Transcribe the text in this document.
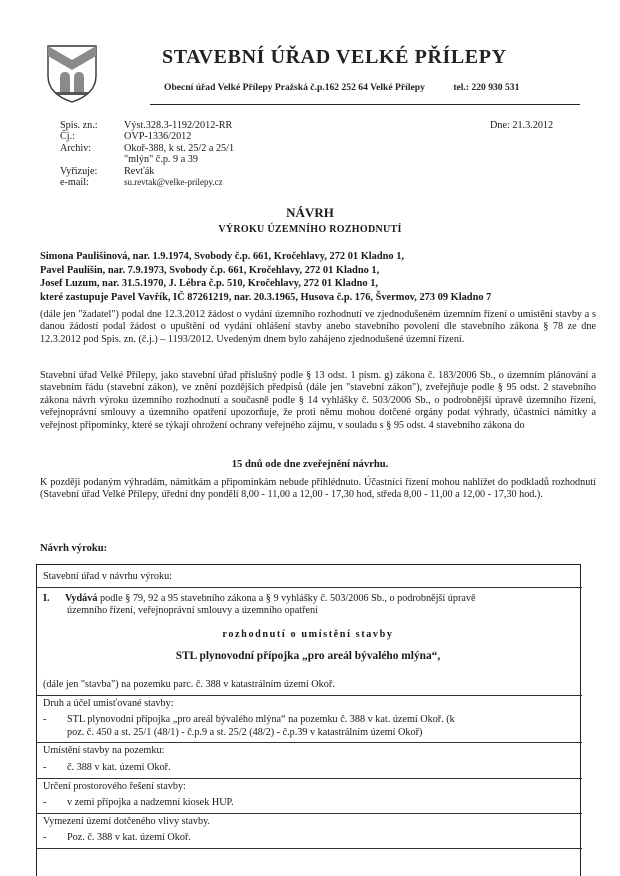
STAVEBNÍ ÚŘAD VELKÉ PŘÍLEPY
Obecní úřad Velké Přílepy Pražská č.p.162 252 64 Velké Přílepy	tel.: 220 930 531
Spis. zn.:	Výst.328.3-1192/2012-RR
Čj.:	OVP-1336/2012
Archiv:	Okoř-388, k st. 25/2 a 25/1
"mlýn" č.p. 9 a 39
Vyřizuje:	Revťák
e-mail:	su.revtak@velke-prilepy.cz
Dne: 21.3.2012
NÁVRH
VÝROKU ÚZEMNÍHO ROZHODNUTÍ
Simona Paulišinová, nar. 1.9.1974, Svobody č.p. 661, Kročehlavy, 272 01 Kladno 1,
Pavel Paulišin, nar. 7.9.1973, Svobody č.p. 661, Kročehlavy, 272 01 Kladno 1,
Josef Luzum, nar. 31.5.1970, J. Lébra č.p. 510, Kročehlavy, 272 01 Kladno 1,
které zastupuje Pavel Vavřík, IČ 87261219, nar. 20.3.1965, Husova č.p. 176, Švermov, 273 09 Kladno 7
(dále jen "žadatel") podal dne 12.3.2012 žádost o vydání územního rozhodnutí ve zjednodušeném územním řízení o umístění stavby a s danou žádostí podal žádost o upuštění od vydání ohlášení stavby anebo stavebního povolení dle stavebního zákona § 78 ze dne 12.3.2012 pod Spis. zn. (č.j.) – 1193/2012. Uvedeným dnem bylo zahájeno zjednodušené územní řízení.
Stavební úřad Velké Přílepy, jako stavební úřad příslušný podle § 13 odst. 1 písm. g) zákona č. 183/2006 Sb., o územním plánování a stavebním řádu (stavební zákon), ve znění pozdějších předpisů (dále jen "stavební zákon"), zveřejňuje podle § 95 odst. 2 stavebního zákona návrh výroku územního rozhodnutí a současně podle § 14 vyhlášky č. 503/2006 Sb., o podrobnější úpravě územního řízení, veřejnoprávní smlouvy a územního opatření upozorňuje, že proti němu mohou dotčené orgány podat výhrady, účastníci námitky a veřejnost připomínky, které se týkají ohrožení ochrany veřejného zájmu, v souladu s § 95 odst. 4 stavebního zákona do
15 dnů ode dne zveřejnění návrhu.
K později podaným výhradám, námitkám a připomínkám nebude přihlédnuto. Účastníci řízení mohou nahlížet do podkladů rozhodnutí (Stavební úřad Velké Přílepy, úřední dny pondělí 8,00 - 11,00 a 12,00 - 17,30 hod, středa 8,00 - 11,00 a 12,00 - 17,30 hod.).
Návrh výroku:
Stavební úřad v návrhu výroku:
I. Vydává podle § 79, 92 a 95 stavebního zákona a § 9 vyhlášky č. 503/2006 Sb., o podrobnější úpravě
územního řízení, veřejnoprávní smlouvy a územního opatření
rozhodnutí o umístění stavby
STL plynovodní přípojka „pro areál bývalého mlýna“,
(dále jen "stavba") na pozemku parc. č. 388 v katastrálním území Okoř.
Druh a účel umisťované stavby:
- STL plynovodní přípojka „pro areál bývalého mlýna“ na pozemku č. 388 v kat. území Okoř. (k
poz. č. 450 a st. 25/1 (48/1) - č.p.9 a st. 25/2 (48/2) - č.p.39 v katastrálním území Okoř)
Umístění stavby na pozemku:
- č. 388 v kat. území Okoř.
Určení prostorového řešení stavby:
- v zemi přípojka a nadzemní kiosek HUP.
Vymezení území dotčeného vlivy stavby.
- Poz. č. 388 v kat. území Okoř.
